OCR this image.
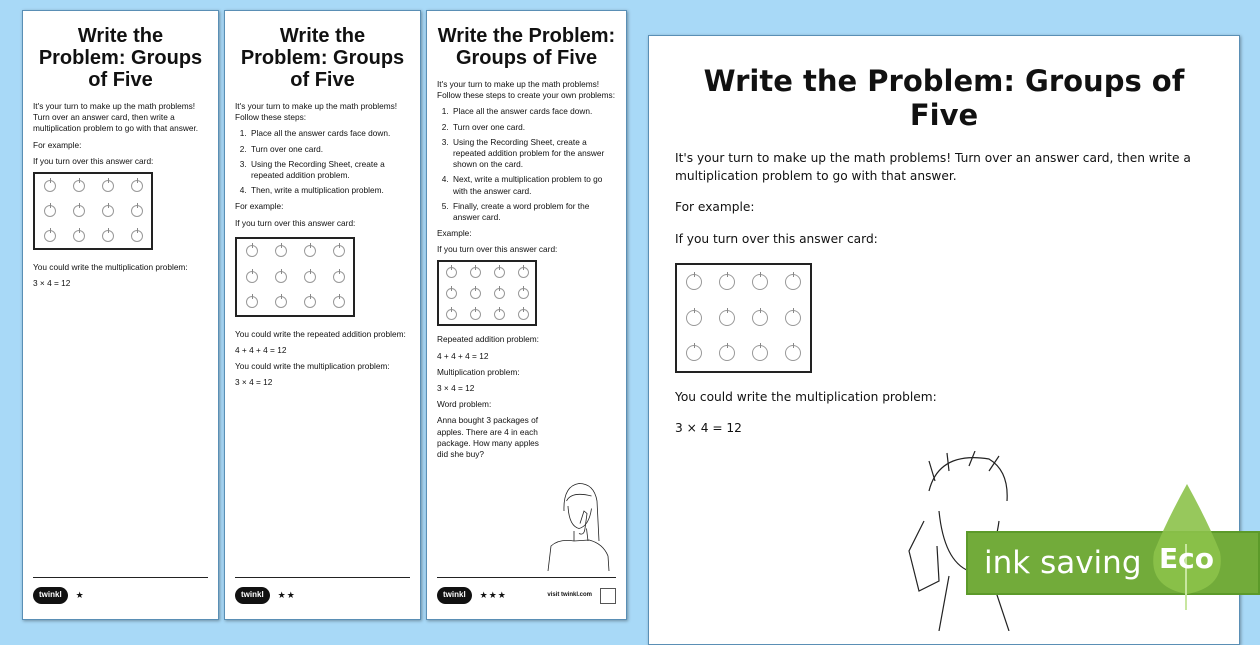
Write the Problem: Groups of Five

It's your turn to make up the math problems! Turn over an answer card, then write a multiplication problem to go with that answer.

For example:

If you turn over this answer card:

You could write the multiplication problem:

3 × 4 = 12

twinkl	★
Write the Problem: Groups of Five

It's your turn to make up the math problems! Follow these steps:

1. Place all the answer cards face down.
2. Turn over one card.
3. Using the Recording Sheet, create a repeated addition problem.
4. Then, write a multiplication problem.

For example:

If you turn over this answer card:

You could write the repeated addition problem:

4 + 4 + 4 = 12

You could write the multiplication problem:

3 × 4 = 12

twinkl	★★
Write the Problem: Groups of Five

It's your turn to make up the math problems! Follow these steps to create your own problems:

1. Place all the answer cards face down.
2. Turn over one card.
3. Using the Recording Sheet, create a repeated addition problem for the answer shown on the card.
4. Next, write a multiplication problem to go with the answer card.
5. Finally, create a word problem for the answer card.

Example:

If you turn over this answer card:

Repeated addition problem:

4 + 4 + 4 = 12

Multiplication problem:

3 × 4 = 12

Word problem:

Anna bought 3 packages of apples. There are 4 in each package. How many apples did she buy?

twinkl	★★★	visit twinkl.com
Write the Problem: Groups of Five

It's your turn to make up the math problems! Turn over an answer card, then write a multiplication problem to go with that answer.

For example:

If you turn over this answer card:

You could write the multiplication problem:

3 × 4 = 12

ink saving Eco
